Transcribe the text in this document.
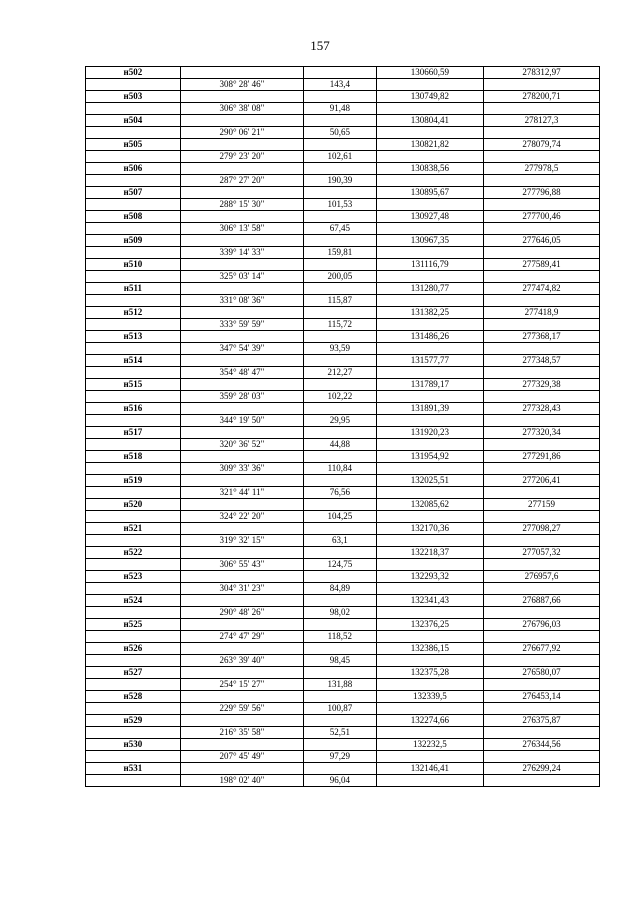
157
н502			130660,59	278312,97
	308° 28' 46"	143,4		
н503			130749,82	278200,71
	306° 38' 08"	91,48		
н504			130804,41	278127,3
	290° 06' 21"	50,65		
н505			130821,82	278079,74
	279° 23' 20"	102,61		
н506			130838,56	277978,5
	287° 27' 20"	190,39		
н507			130895,67	277796,88
	288° 15' 30"	101,53		
н508			130927,48	277700,46
	306° 13' 58"	67,45		
н509			130967,35	277646,05
	339° 14' 33"	159,81		
н510			131116,79	277589,41
	325° 03' 14"	200,05		
н511			131280,77	277474,82
	331° 08' 36"	115,87		
н512			131382,25	277418,9
	333° 59' 59"	115,72		
н513			131486,26	277368,17
	347° 54' 39"	93,59		
н514			131577,77	277348,57
	354° 48' 47"	212,27		
н515			131789,17	277329,38
	359° 28' 03"	102,22		
н516			131891,39	277328,43
	344° 19' 50"	29,95		
н517			131920,23	277320,34
	320° 36' 52"	44,88		
н518			131954,92	277291,86
	309° 33' 36"	110,84		
н519			132025,51	277206,41
	321° 44' 11"	76,56		
н520			132085,62	277159
	324° 22' 20"	104,25		
н521			132170,36	277098,27
	319° 32' 15"	63,1		
н522			132218,37	277057,32
	306° 55' 43"	124,75		
н523			132293,32	276957,6
	304° 31' 23"	84,89		
н524			132341,43	276887,66
	290° 48' 26"	98,02		
н525			132376,25	276796,03
	274° 47' 29"	118,52		
н526			132386,15	276677,92
	263° 39' 40"	98,45		
н527			132375,28	276580,07
	254° 15' 27"	131,88		
н528			132339,5	276453,14
	229° 59' 56"	100,87		
н529			132274,66	276375,87
	216° 35' 58"	52,51		
н530			132232,5	276344,56
	207° 45' 49"	97,29		
н531			132146,41	276299,24
	198° 02' 40"	96,04		
